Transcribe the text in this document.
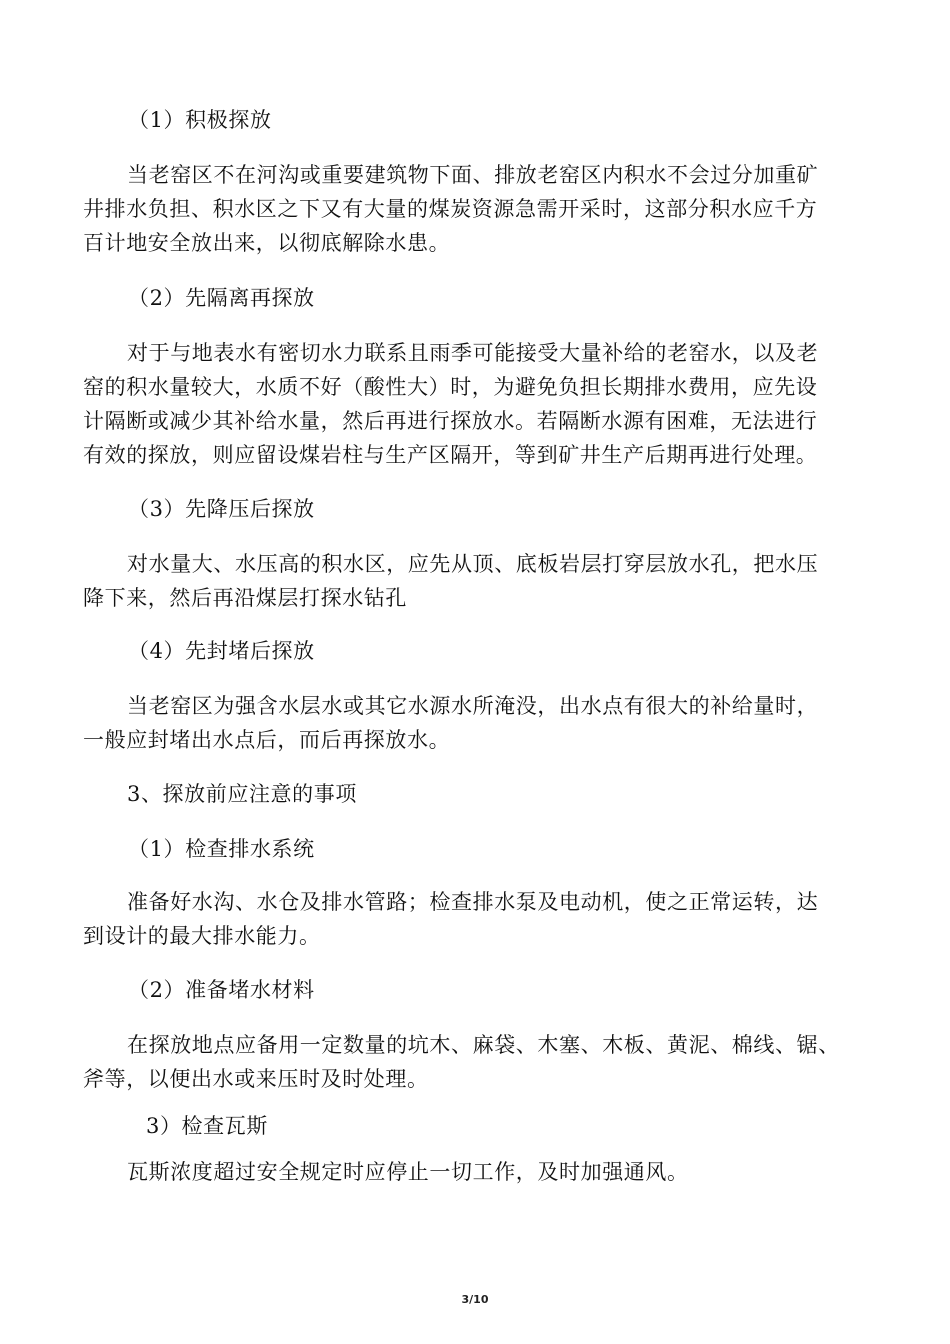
（1）积极探放

当老窑区不在河沟或重要建筑物下面、排放老窑区内积水不会过分加重矿

井排水负担、积水区之下又有大量的煤炭资源急需开采时，这部分积水应千方

百计地安全放出来，以彻底解除水患。

（2）先隔离再探放

对于与地表水有密切水力联系且雨季可能接受大量补给的老窑水，以及老

窑的积水量较大，水质不好（酸性大）时，为避免负担长期排水费用，应先设

计隔断或减少其补给水量，然后再进行探放水。若隔断水源有困难，无法进行

有效的探放，则应留设煤岩柱与生产区隔开，等到矿井生产后期再进行处理。

（3）先降压后探放

对水量大、水压高的积水区，应先从顶、底板岩层打穿层放水孔，把水压

降下来，然后再沿煤层打探水钻孔

（4）先封堵后探放

当老窑区为强含水层水或其它水源水所淹没，出水点有很大的补给量时，

一般应封堵出水点后，而后再探放水。

3、探放前应注意的事项

（1）检查排水系统

准备好水沟、水仓及排水管路；检查排水泵及电动机，使之正常运转，达

到设计的最大排水能力。

（2）准备堵水材料

在探放地点应备用一定数量的坑木、麻袋、木塞、木板、黄泥、棉线、锯、

斧等，以便出水或来压时及时处理。

3）检查瓦斯

瓦斯浓度超过安全规定时应停止一切工作，及时加强通风。

3/10
